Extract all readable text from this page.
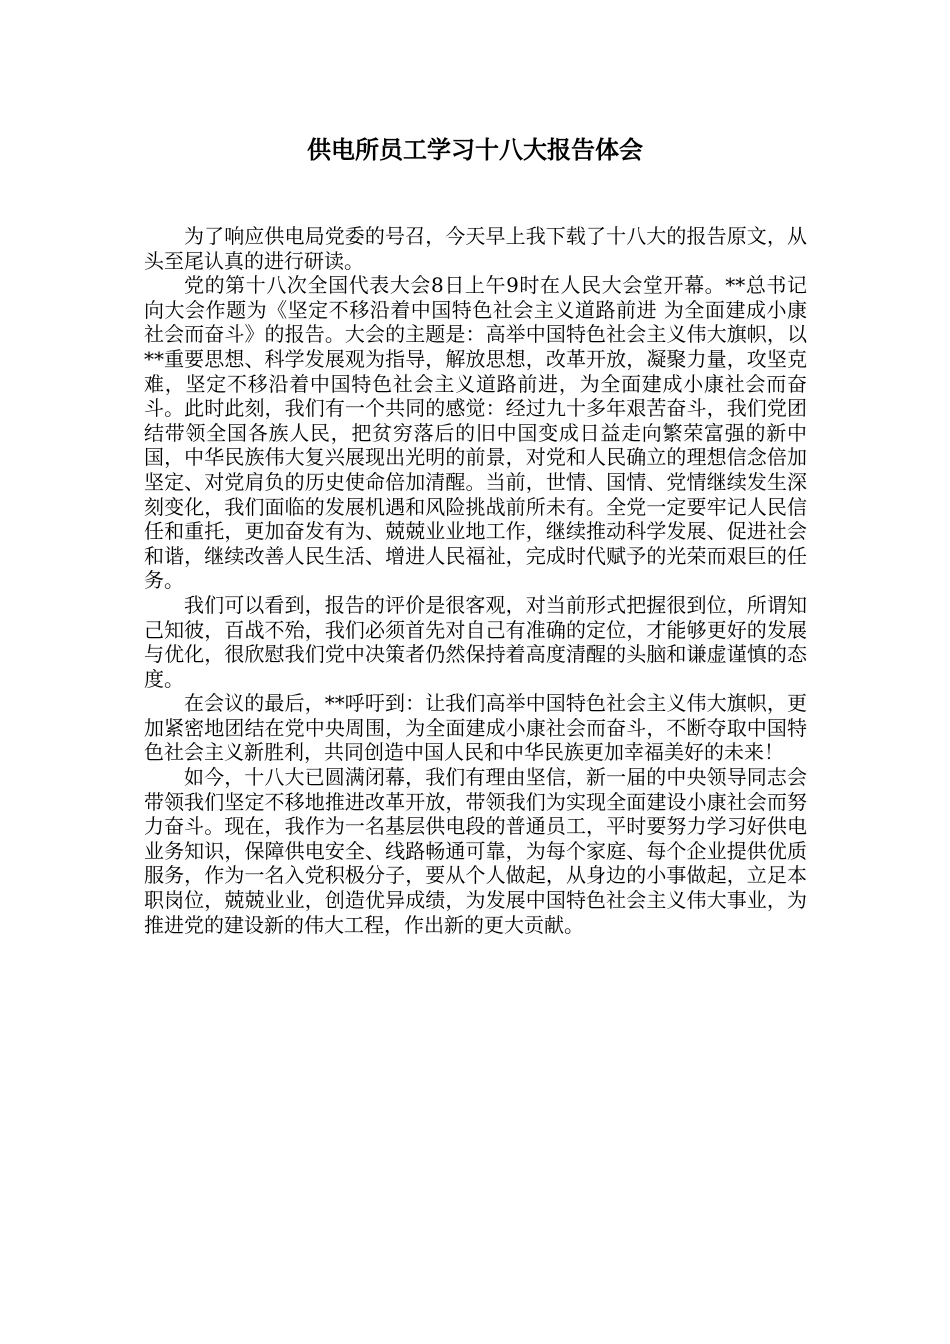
供电所员工学习十八大报告体会

为了响应供电局党委的号召，今天早上我下载了十八大的报告原文，从头至尾认真的进行研读。

党的第十八次全国代表大会8日上午9时在人民大会堂开幕。**总书记向大会作题为《坚定不移沿着中国特色社会主义道路前进 为全面建成小康社会而奋斗》的报告。大会的主题是：高举中国特色社会主义伟大旗帜，以**重要思想、科学发展观为指导，解放思想，改革开放，凝聚力量，攻坚克难，坚定不移沿着中国特色社会主义道路前进，为全面建成小康社会而奋斗。此时此刻，我们有一个共同的感觉：经过九十多年艰苦奋斗，我们党团结带领全国各族人民，把贫穷落后的旧中国变成日益走向繁荣富强的新中国，中华民族伟大复兴展现出光明的前景，对党和人民确立的理想信念倍加坚定、对党肩负的历史使命倍加清醒。当前，世情、国情、党情继续发生深刻变化，我们面临的发展机遇和风险挑战前所未有。全党一定要牢记人民信任和重托，更加奋发有为、兢兢业业地工作，继续推动科学发展、促进社会和谐，继续改善人民生活、增进人民福祉，完成时代赋予的光荣而艰巨的任务。

我们可以看到，报告的评价是很客观，对当前形式把握很到位，所谓知己知彼，百战不殆，我们必须首先对自己有准确的定位，才能够更好的发展与优化，很欣慰我们党中决策者仍然保持着高度清醒的头脑和谦虚谨慎的态度。

在会议的最后，**呼吁到：让我们高举中国特色社会主义伟大旗帜，更加紧密地团结在党中央周围，为全面建成小康社会而奋斗，不断夺取中国特色社会主义新胜利，共同创造中国人民和中华民族更加幸福美好的未来！

如今，十八大已圆满闭幕，我们有理由坚信，新一届的中央领导同志会带领我们坚定不移地推进改革开放，带领我们为实现全面建设小康社会而努力奋斗。现在，我作为一名基层供电段的普通员工，平时要努力学习好供电业务知识，保障供电安全、线路畅通可靠，为每个家庭、每个企业提供优质服务，作为一名入党积极分子，要从个人做起，从身边的小事做起，立足本职岗位，兢兢业业，创造优异成绩，为发展中国特色社会主义伟大事业，为推进党的建设新的伟大工程，作出新的更大贡献。
